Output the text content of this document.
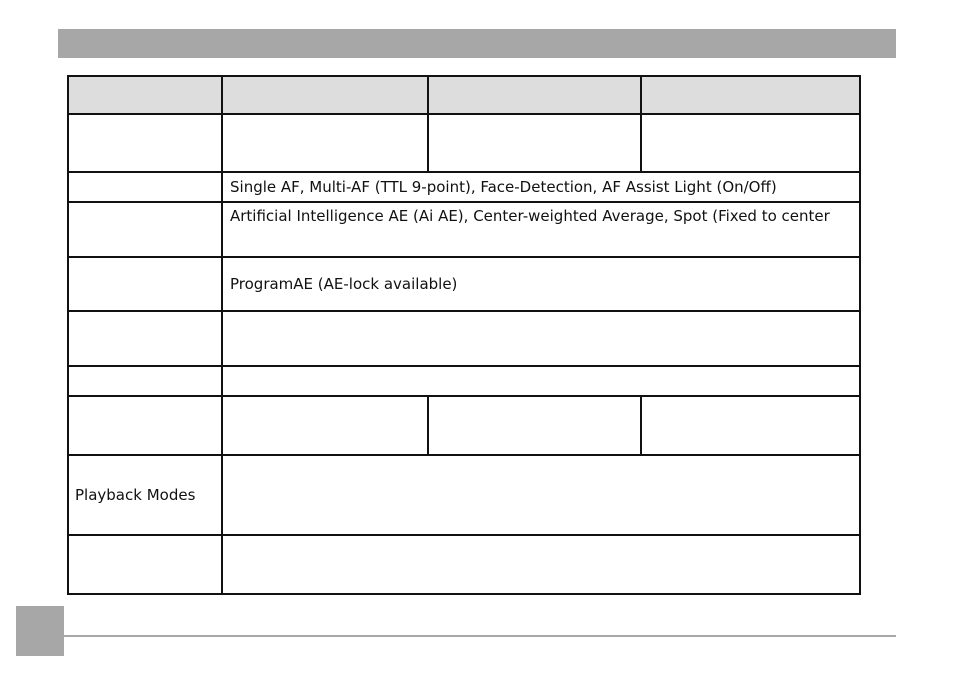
	Single AF, Multi-AF (TTL 9-point), Face-Detection, AF Assist Light (On/Off)		
	Artificial Intelligence AE (Ai AE), Center-weighted Average, Spot (Fixed to center		
	ProgramAE (AE-lock available)		

Playback Modes			
